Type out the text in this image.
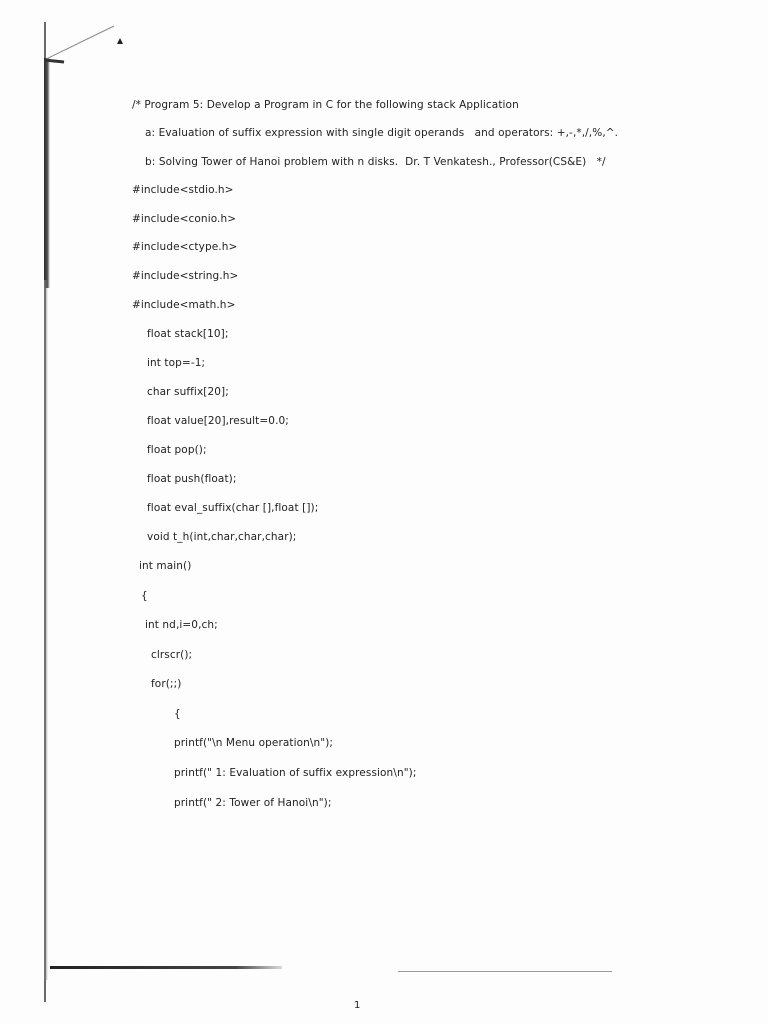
/* Program 5: Develop a Program in C for the following stack Application
a: Evaluation of suffix expression with single digit operands   and operators: +,-,*,/,%,^.
b: Solving Tower of Hanoi problem with n disks.  Dr. T Venkatesh., Professor(CS&E)   */
#include<stdio.h>
#include<conio.h>
#include<ctype.h>
#include<string.h>
#include<math.h>
float stack[10];
int top=-1;
char suffix[20];
float value[20],result=0.0;
float pop();
float push(float);
float eval_suffix(char [],float []);
void t_h(int,char,char,char);
int main()
{
int nd,i=0,ch;
clrscr();
for(;;)
{
printf("\n Menu operation\n");
printf(" 1: Evaluation of suffix expression\n");
printf(" 2: Tower of Hanoi\n");
1
